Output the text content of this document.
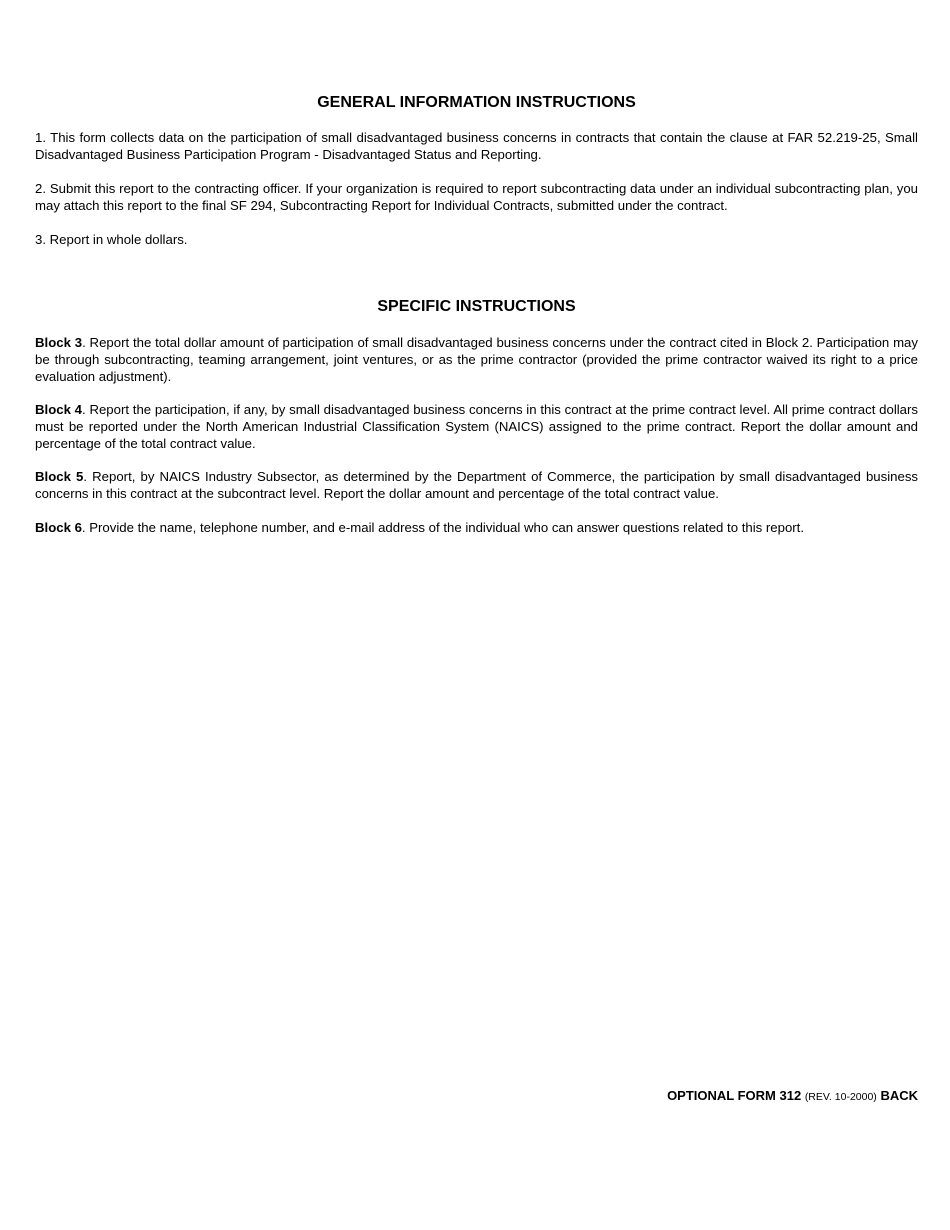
GENERAL INFORMATION INSTRUCTIONS

1. This form collects data on the participation of small disadvantaged business concerns in contracts that contain the clause at FAR 52.219-25, Small Disadvantaged Business Participation Program - Disadvantaged Status and Reporting.

2. Submit this report to the contracting officer. If your organization is required to report subcontracting data under an individual subcontracting plan, you may attach this report to the final SF 294, Subcontracting Report for Individual Contracts, submitted under the contract.

3. Report in whole dollars.

SPECIFIC INSTRUCTIONS

Block 3. Report the total dollar amount of participation of small disadvantaged business concerns under the contract cited in Block 2. Participation may be through subcontracting, teaming arrangement, joint ventures, or as the prime contractor (provided the prime contractor waived its right to a price evaluation adjustment).

Block 4. Report the participation, if any, by small disadvantaged business concerns in this contract at the prime contract level. All prime contract dollars must be reported under the North American Industrial Classification System (NAICS) assigned to the prime contract. Report the dollar amount and percentage of the total contract value.

Block 5. Report, by NAICS Industry Subsector, as determined by the Department of Commerce, the participation by small disadvantaged business concerns in this contract at the subcontract level. Report the dollar amount and percentage of the total contract value.

Block 6. Provide the name, telephone number, and e-mail address of the individual who can answer questions related to this report.

OPTIONAL FORM 312 (REV. 10-2000) BACK
